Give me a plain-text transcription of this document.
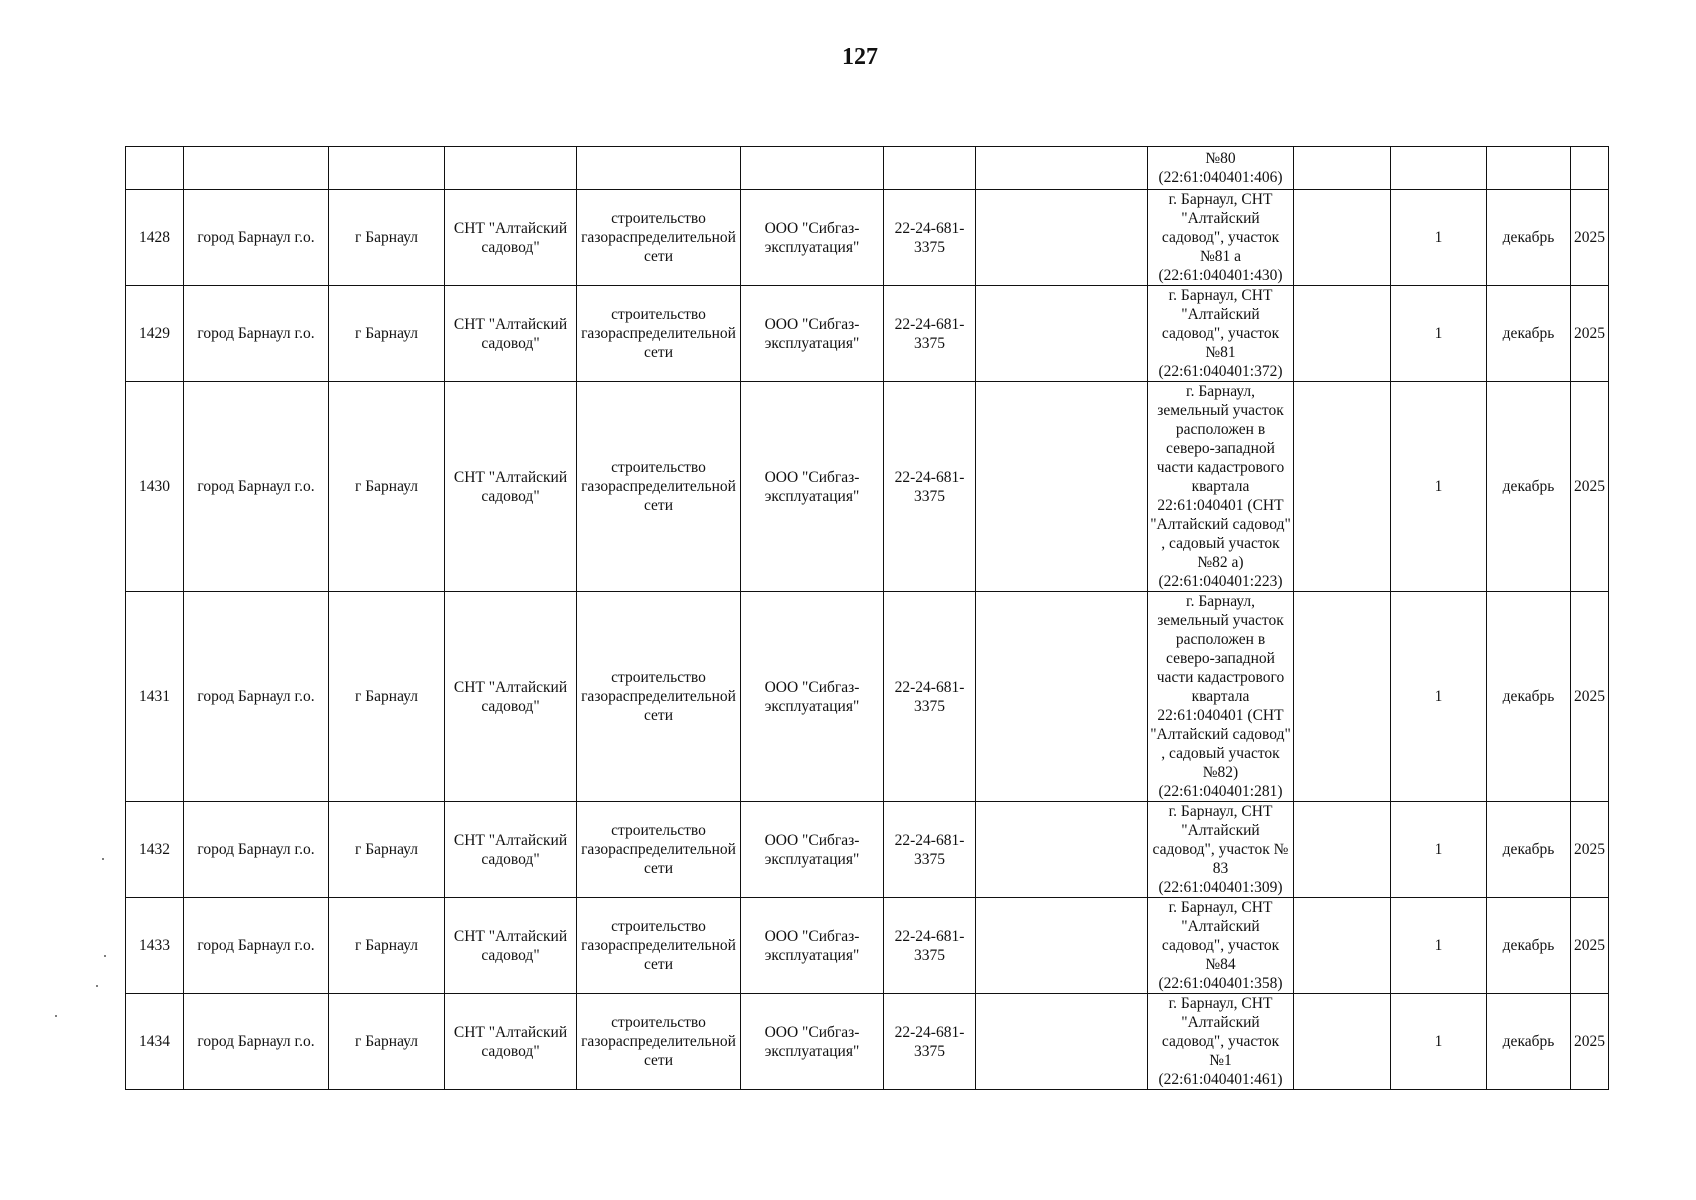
127
								№80
(22:61:040401:406)				
1428	город Барнаул г.о.	г Барнаул	СНТ "Алтайский садовод"	строительство газораспределительной сети	ООО "Сибгаз-эксплуатация"	22-24-681-3375		г. Барнаул, СНТ "Алтайский садовод", участок №81 а (22:61:040401:430)		1	декабрь	2025
1429	город Барнаул г.о.	г Барнаул	СНТ "Алтайский садовод"	строительство газораспределительной сети	ООО "Сибгаз-эксплуатация"	22-24-681-3375		г. Барнаул, СНТ "Алтайский садовод", участок №81 (22:61:040401:372)		1	декабрь	2025
1430	город Барнаул г.о.	г Барнаул	СНТ "Алтайский садовод"	строительство газораспределительной сети	ООО "Сибгаз-эксплуатация"	22-24-681-3375		г. Барнаул, земельный участок расположен в северо-западной части кадастрового квартала 22:61:040401 (СНТ "Алтайский садовод" , садовый участок №82 а) (22:61:040401:223)		1	декабрь	2025
1431	город Барнаул г.о.	г Барнаул	СНТ "Алтайский садовод"	строительство газораспределительной сети	ООО "Сибгаз-эксплуатация"	22-24-681-3375		г. Барнаул, земельный участок расположен в северо-западной части кадастрового квартала 22:61:040401 (СНТ "Алтайский садовод" , садовый участок №82) (22:61:040401:281)		1	декабрь	2025
1432	город Барнаул г.о.	г Барнаул	СНТ "Алтайский садовод"	строительство газораспределительной сети	ООО "Сибгаз-эксплуатация"	22-24-681-3375		г. Барнаул, СНТ "Алтайский садовод", участок № 83 (22:61:040401:309)		1	декабрь	2025
1433	город Барнаул г.о.	г Барнаул	СНТ "Алтайский садовод"	строительство газораспределительной сети	ООО "Сибгаз-эксплуатация"	22-24-681-3375		г. Барнаул, СНТ "Алтайский садовод", участок №84 (22:61:040401:358)		1	декабрь	2025
1434	город Барнаул г.о.	г Барнаул	СНТ "Алтайский садовод"	строительство газораспределительной сети	ООО "Сибгаз-эксплуатация"	22-24-681-3375		г. Барнаул, СНТ "Алтайский садовод", участок №1 (22:61:040401:461)		1	декабрь	2025
